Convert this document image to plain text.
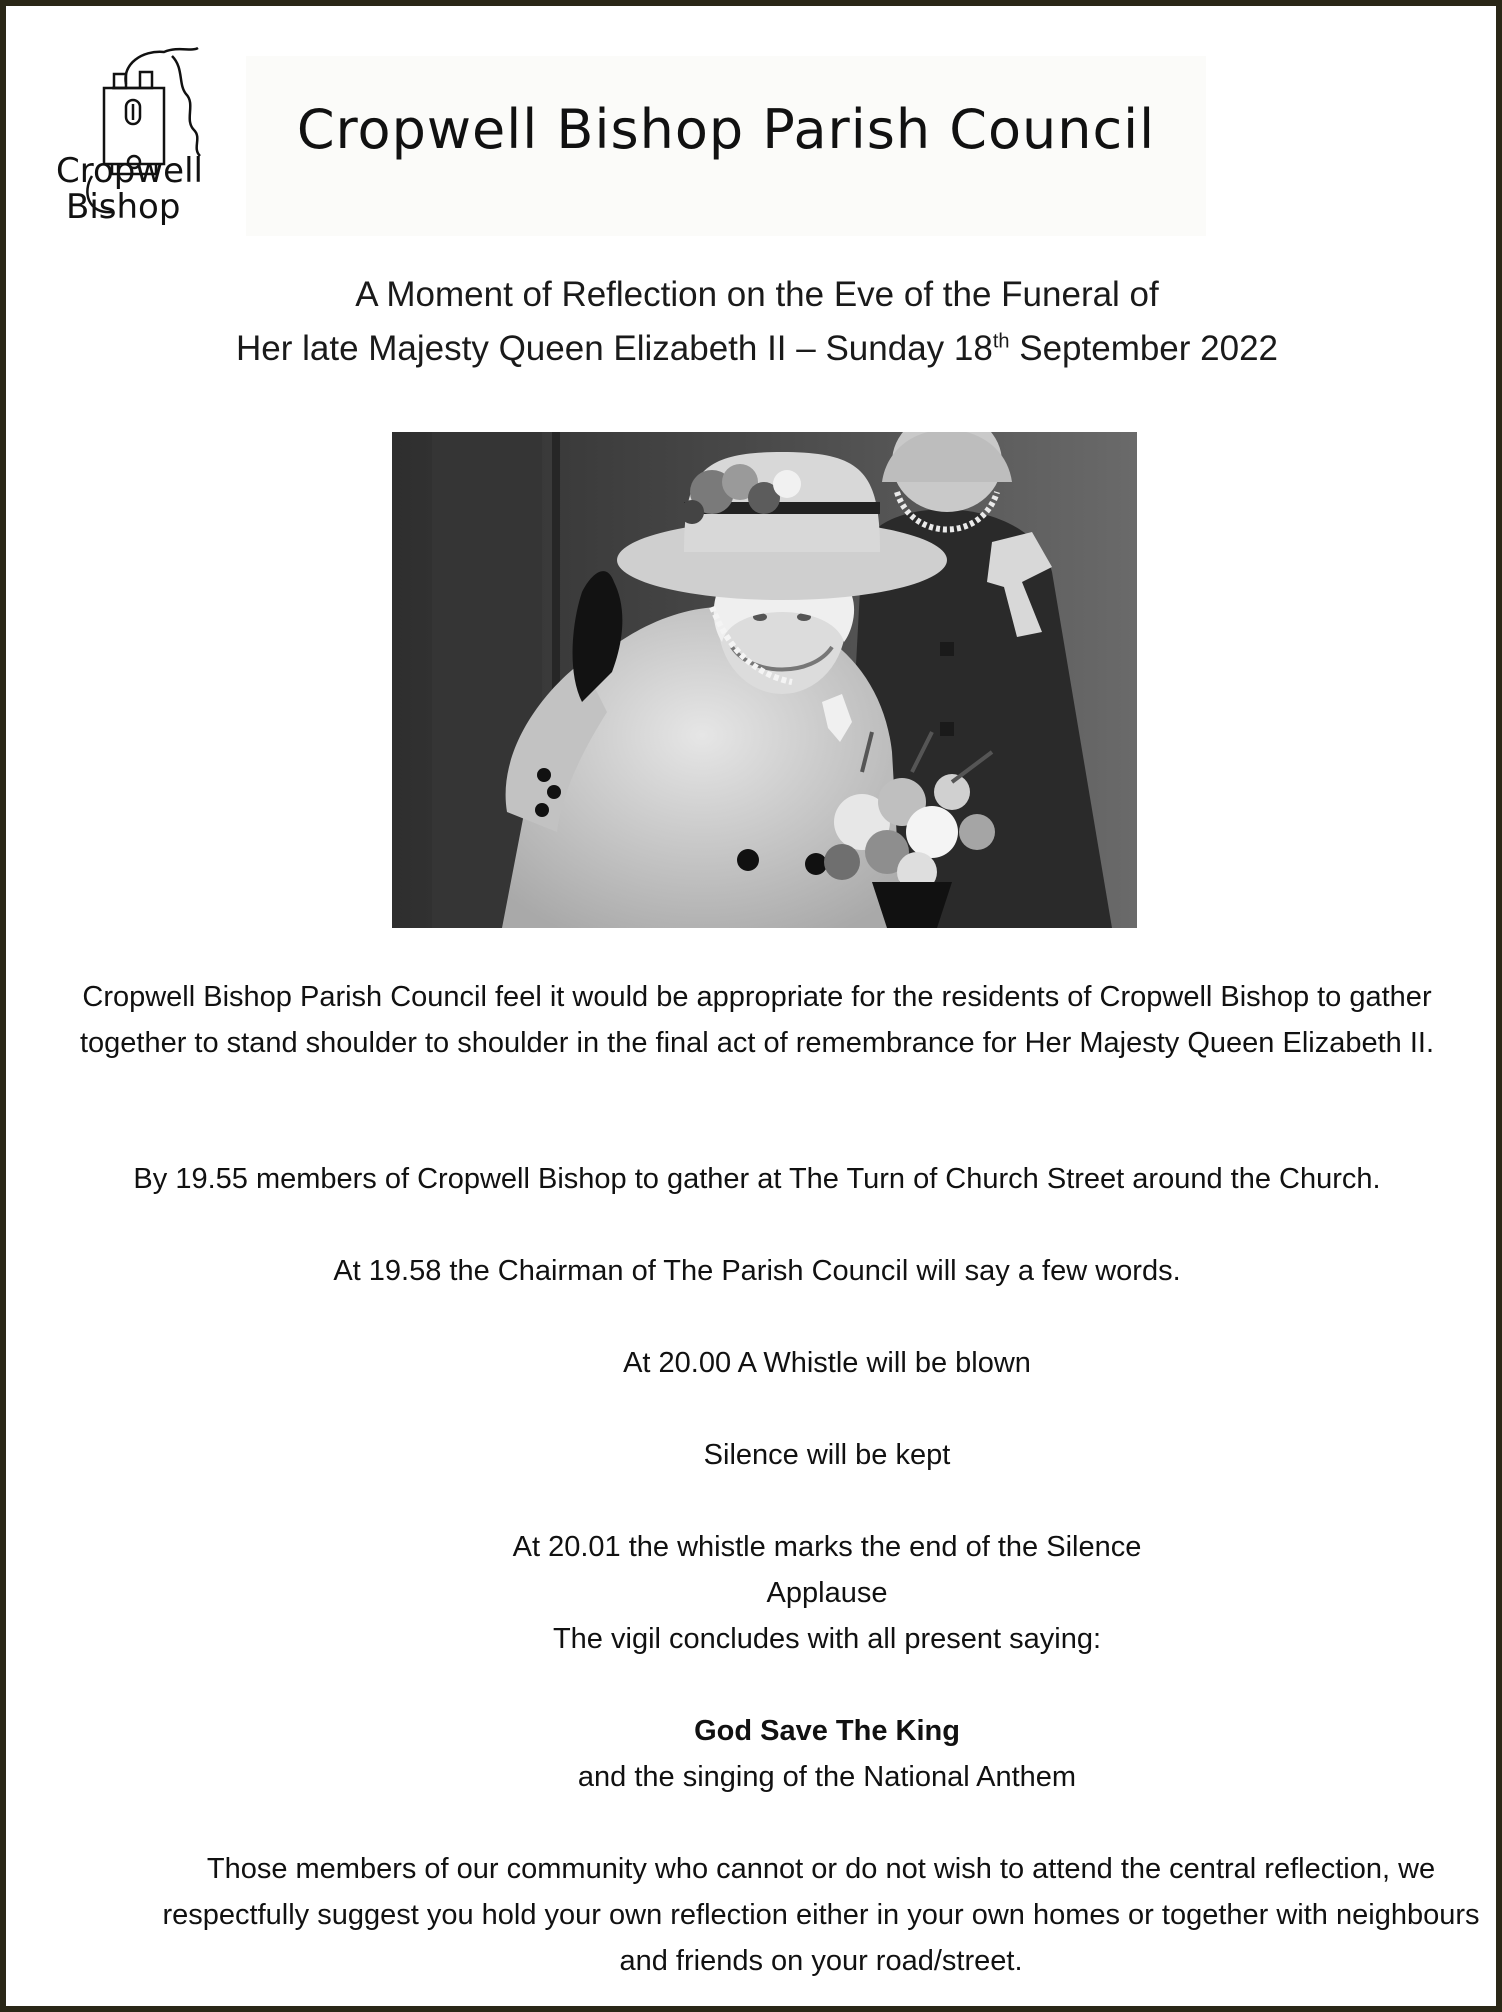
Cropwell
Bishop
Cropwell Bishop Parish Council
A Moment of Reflection on the Eve of the Funeral of
Her late Majesty Queen Elizabeth II – Sunday 18th September 2022
Cropwell Bishop Parish Council feel it would be appropriate for the residents of Cropwell Bishop to gather together to stand shoulder to shoulder in the final act of remembrance for Her Majesty Queen Elizabeth II.
By 19.55 members of Cropwell Bishop to gather at The Turn of Church Street around the Church.
At 19.58 the Chairman of The Parish Council will say a few words.
At 20.00 A Whistle will be blown
Silence will be kept
At 20.01 the whistle marks the end of the Silence
Applause
The vigil concludes with all present saying:
God Save The King
and the singing of the National Anthem
Those members of our community who cannot or do not wish to attend the central reflection, we respectfully suggest you hold your own reflection either in your own homes or together with neighbours and friends on your road/street.
